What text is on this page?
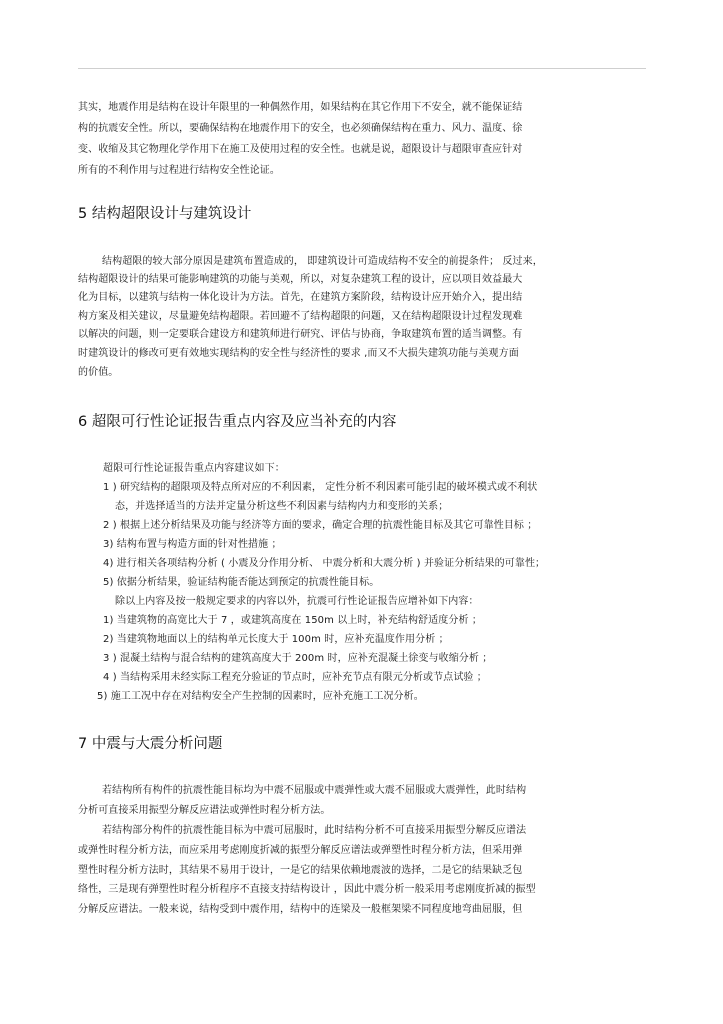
其实，地震作用是结构在设计年限里的一种偶然作用，如果结构在其它作用下不安全，就不能保证结
构的抗震安全性。所以，要确保结构在地震作用下的安全，也必须确保结构在重力、风力、温度、徐
变、收缩及其它物理化学作用下在施工及使用过程的安全性。也就是说，超限设计与超限审查应针对
所有的不利作用与过程进行结构安全性论证。
5 结构超限设计与建筑设计
结构超限的较大部分原因是建筑布置造成的， 即建筑设计可造成结构不安全的前提条件； 反过来，
结构超限设计的结果可能影响建筑的功能与美观，所以，对复杂建筑工程的设计，应以项目效益最大
化为目标，以建筑与结构一体化设计为方法。首先，在建筑方案阶段，结构设计应开始介入，提出结
构方案及相关建议，尽量避免结构超限。若回避不了结构超限的问题，又在结构超限设计过程发现难
以解决的问题，则一定要联合建设方和建筑师进行研究、评估与协商，争取建筑布置的适当调整。有
时建筑设计的修改可更有效地实现结构的安全性与经济性的要求 ,而又不大损失建筑功能与美观方面
的价值。
6 超限可行性论证报告重点内容及应当补充的内容
超限可行性论证报告重点内容建议如下：
1 ) 研究结构的超限项及特点所对应的不利因素， 定性分析不利因素可能引起的破坏模式或不利状
态，并选择适当的方法并定量分析这些不利因素与结构内力和变形的关系；
2 ) 根据上述分析结果及功能与经济等方面的要求，确定合理的抗震性能目标及其它可靠性目标 ；
3) 结构布置与构造方面的针对性措施 ；
4) 进行相关各项结构分析 ( 小震及分作用分析、 中震分析和大震分析 ) 并验证分析结果的可靠性；
5) 依据分析结果，验证结构能否能达到预定的抗震性能目标。
除以上内容及按一般规定要求的内容以外，抗震可行性论证报告应增补如下内容：
1) 当建筑物的高宽比大于 7 ，或建筑高度在 150m 以上时，补充结构舒适度分析 ；
2) 当建筑物地面以上的结构单元长度大于 100m 时，应补充温度作用分析 ；
3 ) 混凝土结构与混合结构的建筑高度大于 200m 时，应补充混凝土徐变与收缩分析 ；
4 ) 当结构采用未经实际工程充分验证的节点时，应补充节点有限元分析或节点试验 ；
5) 施工工况中存在对结构安全产生控制的因素时，应补充施工工况分析。
7 中震与大震分析问题
若结构所有构件的抗震性能目标均为中震不屈服或中震弹性或大震不屈服或大震弹性，此时结构
分析可直接采用振型分解反应谱法或弹性时程分析方法。
若结构部分构件的抗震性能目标为中震可屈服时，此时结构分析不可直接采用振型分解反应谱法
或弹性时程分析方法，而应采用考虑刚度折减的振型分解反应谱法或弹塑性时程分析方法，但采用弹
塑性时程分析方法时，其结果不易用于设计，一是它的结果依赖地震波的选择，二是它的结果缺乏包
络性，三是现有弹塑性时程分析程序不直接支持结构设计 ，因此中震分析一般采用考虑刚度折减的振型
分解反应谱法。一般来说，结构受到中震作用，结构中的连梁及一般框架梁不同程度地弯曲屈服，但
